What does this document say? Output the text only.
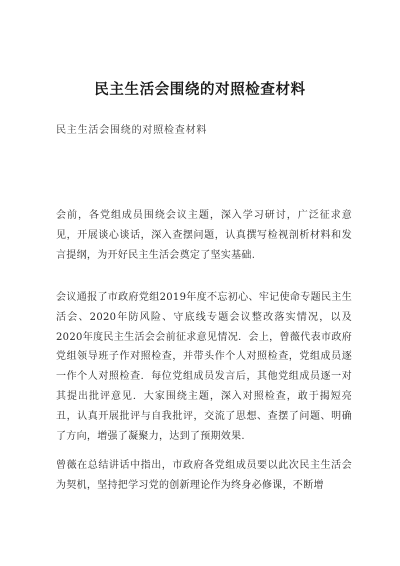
民主生活会围绕的对照检查材料
民主生活会围绕的对照检查材料

会前，各党组成员围绕会议主题，深入学习研讨，广泛征求意见，开展谈心谈话，深入查摆问题，认真撰写检视剖析材料和发言提纲，为开好民主生活会奠定了坚实基础.

会议通报了市政府党组2019年度不忘初心、牢记使命专题民主生活会、2020年防风险、守底线专题会议整改落实情况，以及2020年度民主生活会会前征求意见情况．会上，曾薇代表市政府党组领导班子作对照检查，并带头作个人对照检查，党组成员逐一作个人对照检查．每位党组成员发言后，其他党组成员逐一对其提出批评意见．大家围绕主题，深入对照检查，敢于揭短亮丑，认真开展批评与自我批评，交流了思想、查摆了问题、明确了方向，增强了凝聚力，达到了预期效果.

曾薇在总结讲话中指出，市政府各党组成员要以此次民主生活会为契机，坚持把学习党的创新理论作为终身必修课，不断增
